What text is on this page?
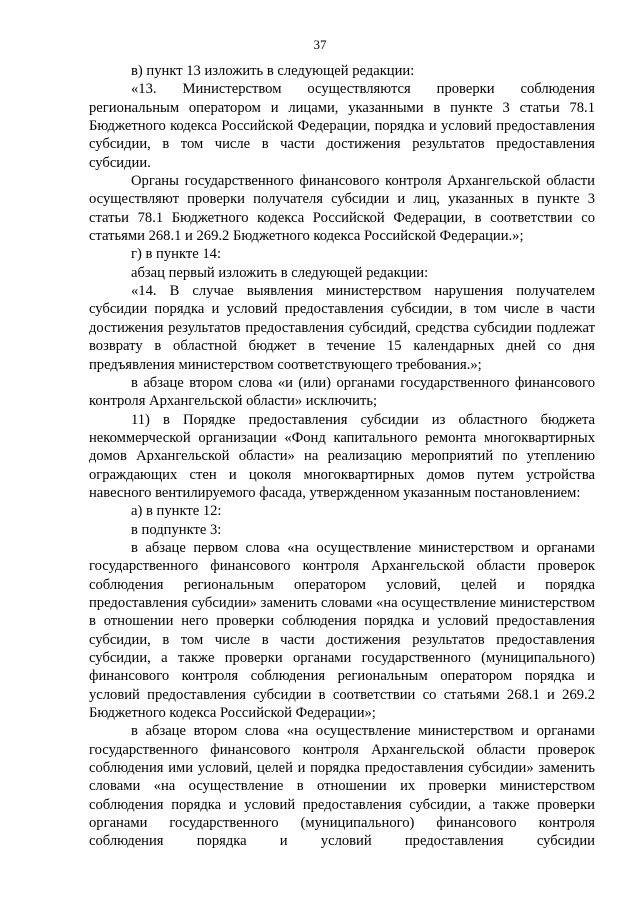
37

в) пункт 13 изложить в следующей редакции:

«13. Министерством осуществляются проверки соблюдения региональным оператором и лицами, указанными в пункте 3 статьи 78.1 Бюджетного кодекса Российской Федерации, порядка и условий предоставления субсидии, в том числе в части достижения результатов предоставления субсидии.

Органы государственного финансового контроля Архангельской области осуществляют проверки получателя субсидии и лиц, указанных в пункте 3 статьи 78.1 Бюджетного кодекса Российской Федерации, в соответствии со статьями 268.1 и 269.2 Бюджетного кодекса Российской Федерации.»;

г) в пункте 14:

абзац первый изложить в следующей редакции:

«14. В случае выявления министерством нарушения получателем субсидии порядка и условий предоставления субсидии, в том числе в части достижения результатов предоставления субсидий, средства субсидии подлежат возврату в областной бюджет в течение 15 календарных дней со дня предъявления министерством соответствующего требования.»;

в абзаце втором слова «и (или) органами государственного финансового контроля Архангельской области» исключить;

11) в Порядке предоставления субсидии из областного бюджета некоммерческой организации «Фонд капитального ремонта многоквартирных домов Архангельской области» на реализацию мероприятий по утеплению ограждающих стен и цоколя многоквартирных домов путем устройства навесного вентилируемого фасада, утвержденном указанным постановлением:

а) в пункте 12:

в подпункте 3:

в абзаце первом слова «на осуществление министерством и органами государственного финансового контроля Архангельской области проверок соблюдения региональным оператором условий, целей и порядка предоставления субсидии» заменить словами «на осуществление министерством в отношении него проверки соблюдения порядка и условий предоставления субсидии, в том числе в части достижения результатов предоставления субсидии, а также проверки органами государственного (муниципального) финансового контроля соблюдения региональным оператором порядка и условий предоставления субсидии в соответствии со статьями 268.1 и 269.2 Бюджетного кодекса Российской Федерации»;

в абзаце втором слова «на осуществление министерством и органами государственного финансового контроля Архангельской области проверок соблюдения ими условий, целей и порядка предоставления субсидии» заменить словами «на осуществление в отношении их проверки министерством соблюдения порядка и условий предоставления субсидии, а также проверки органами государственного (муниципального) финансового контроля соблюдения порядка и условий предоставления субсидии
